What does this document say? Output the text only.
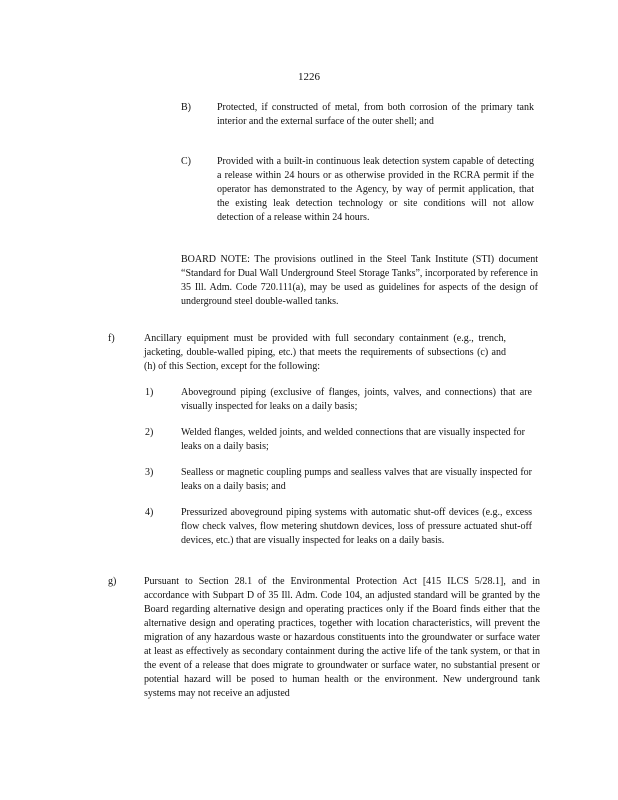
1226
B)	Protected, if constructed of metal, from both corrosion of the primary tank interior and the external surface of the outer shell; and
C)	Provided with a built-in continuous leak detection system capable of detecting a release within 24 hours or as otherwise provided in the RCRA permit if the operator has demonstrated to the Agency, by way of permit application, that the existing leak detection technology or site conditions will not allow detection of a release within 24 hours.
BOARD NOTE: The provisions outlined in the Steel Tank Institute (STI) document “Standard for Dual Wall Underground Steel Storage Tanks”, incorporated by reference in 35 Ill. Adm. Code 720.111(a), may be used as guidelines for aspects of the design of underground steel double-walled tanks.
f)	Ancillary equipment must be provided with full secondary containment (e.g., trench, jacketing, double-walled piping, etc.) that meets the requirements of subsections (c) and (h) of this Section, except for the following:
1)	Aboveground piping (exclusive of flanges, joints, valves, and connections) that are visually inspected for leaks on a daily basis;
2)	Welded flanges, welded joints, and welded connections that are visually inspected for leaks on a daily basis;
3)	Sealless or magnetic coupling pumps and sealless valves that are visually inspected for leaks on a daily basis; and
4)	Pressurized aboveground piping systems with automatic shut-off devices (e.g., excess flow check valves, flow metering shutdown devices, loss of pressure actuated shut-off devices, etc.) that are visually inspected for leaks on a daily basis.
g)	Pursuant to Section 28.1 of the Environmental Protection Act [415 ILCS 5/28.1], and in accordance with Subpart D of 35 Ill. Adm. Code 104, an adjusted standard will be granted by the Board regarding alternative design and operating practices only if the Board finds either that the alternative design and operating practices, together with location characteristics, will prevent the migration of any hazardous waste or hazardous constituents into the groundwater or surface water at least as effectively as secondary containment during the active life of the tank system, or that in the event of a release that does migrate to groundwater or surface water, no substantial present or potential hazard will be posed to human health or the environment. New underground tank systems may not receive an adjusted
